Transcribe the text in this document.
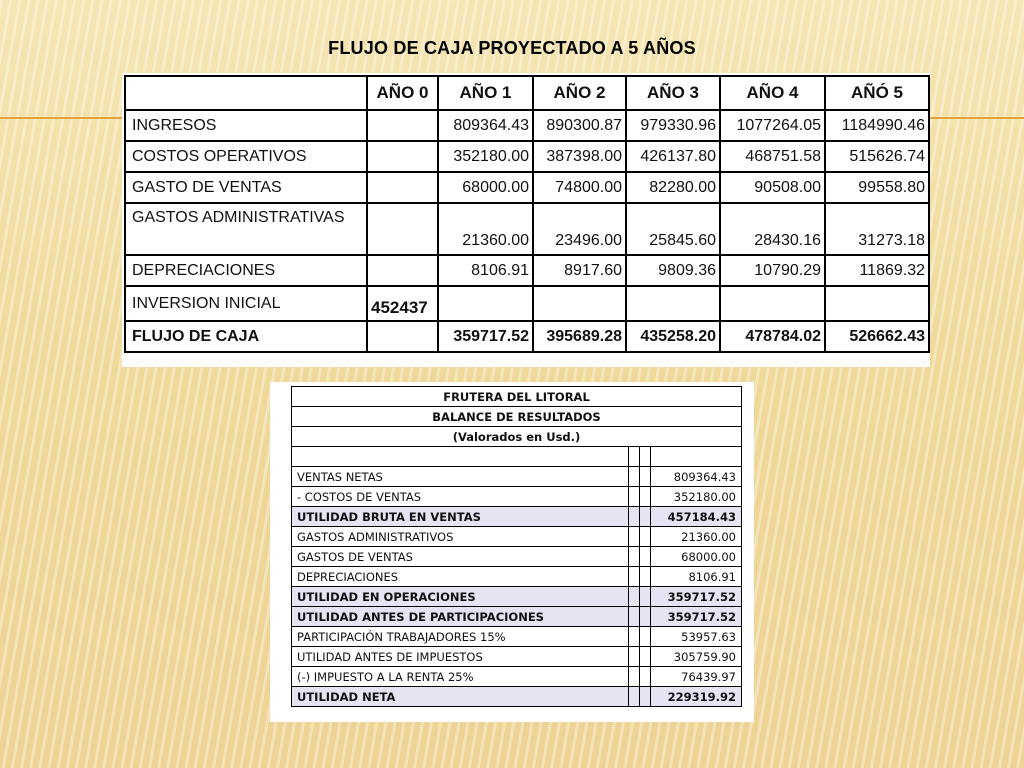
FLUJO DE CAJA PROYECTADO A 5 AÑOS
	AÑO 0	AÑO 1	AÑO 2	AÑO 3	AÑO 4	AÑÓ 5
INGRESOS		809364.43	890300.87	979330.96	1077264.05	1184990.46
COSTOS OPERATIVOS		352180.00	387398.00	426137.80	468751.58	515626.74
GASTO DE VENTAS		68000.00	74800.00	82280.00	90508.00	99558.80
GASTOS ADMINISTRATIVAS		21360.00	23496.00	25845.60	28430.16	31273.18
DEPRECIACIONES		8106.91	8917.60	9809.36	10790.29	11869.32
INVERSION INICIAL	452437					
FLUJO DE CAJA		359717.52	395689.28	435258.20	478784.02	526662.43
FRUTERA DEL LITORAL			
BALANCE DE RESULTADOS			
(Valorados en Usd.)			

VENTAS NETAS			809364.43
- COSTOS DE VENTAS			352180.00
UTILIDAD BRUTA EN VENTAS			457184.43
GASTOS ADMINISTRATIVOS			21360.00
GASTOS DE VENTAS			68000.00
DEPRECIACIONES			8106.91
UTILIDAD EN OPERACIONES			359717.52
UTILIDAD ANTES DE PARTICIPACIONES			359717.52
PARTICIPACIÓN TRABAJADORES 15%			53957.63
UTILIDAD ANTES DE IMPUESTOS			305759.90
(-) IMPUESTO A LA RENTA 25%			76439.97
UTILIDAD NETA			229319.92
